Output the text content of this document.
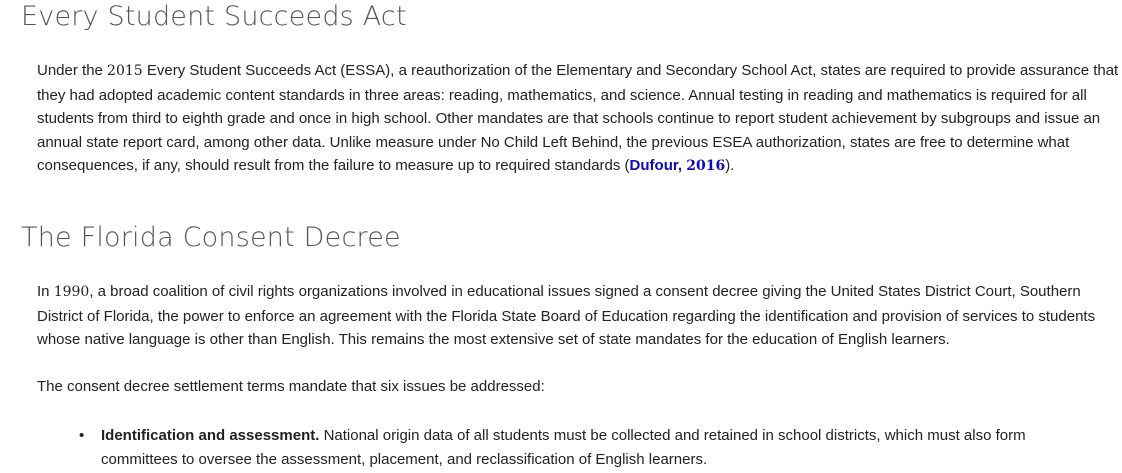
Every Student Succeeds Act

Under the 2015 Every Student Succeeds Act (ESSA), a reauthorization of the Elementary and Secondary School Act, states are required to provide assurance that they had adopted academic content standards in three areas: reading, mathematics, and science. Annual testing in reading and mathematics is required for all students from third to eighth grade and once in high school. Other mandates are that schools continue to report student achievement by subgroups and issue an annual state report card, among other data. Unlike measure under No Child Left Behind, the previous ESEA authorization, states are free to determine what consequences, if any, should result from the failure to measure up to required standards (Dufour, 2016).

The Florida Consent Decree

In 1990, a broad coalition of civil rights organizations involved in educational issues signed a consent decree giving the United States District Court, Southern District of Florida, the power to enforce an agreement with the Florida State Board of Education regarding the identification and provision of services to students whose native language is other than English. This remains the most extensive set of state mandates for the education of English learners.

The consent decree settlement terms mandate that six issues be addressed:

•	Identification and assessment. National origin data of all students must be collected and retained in school districts, which must also form committees to oversee the assessment, placement, and reclassification of English learners.
